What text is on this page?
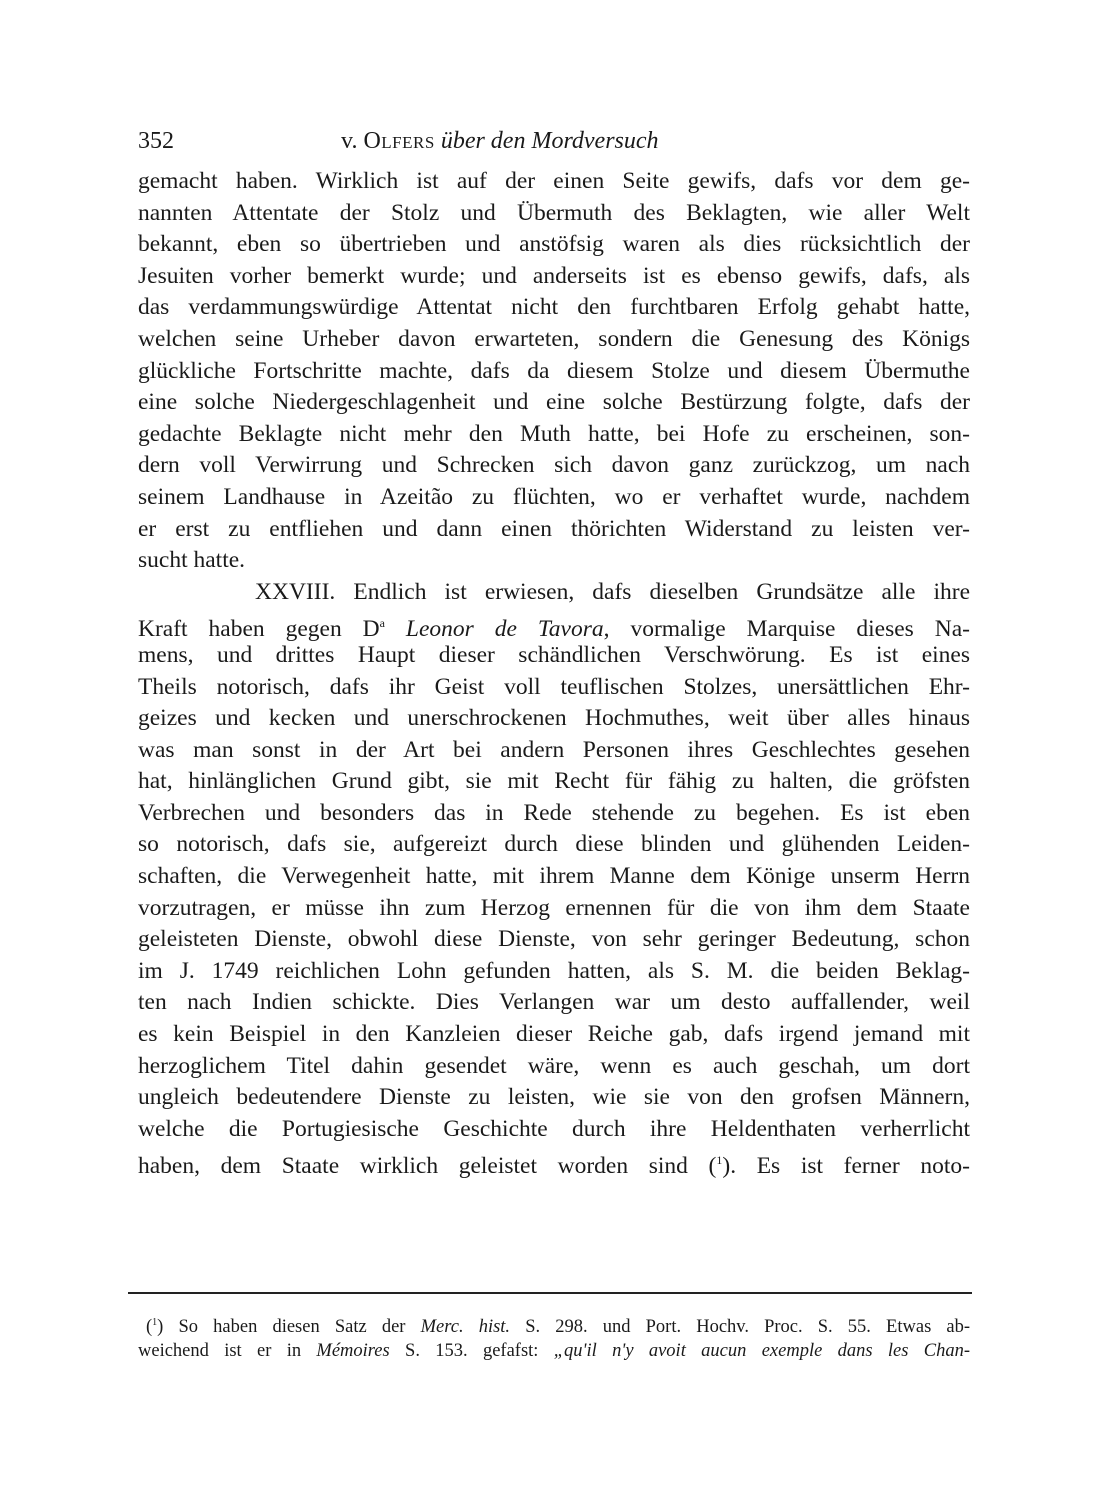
352	v. Olfers über den Mordversuch
gemacht haben. Wirklich ist auf der einen Seite gewifs, dafs vor dem ge-
nannten Attentate der Stolz und Übermuth des Beklagten, wie aller Welt
bekannt, eben so übertrieben und anstöfsig waren als dies rücksichtlich der
Jesuiten vorher bemerkt wurde; und anderseits ist es ebenso gewifs, dafs, als
das verdammungswürdige Attentat nicht den furchtbaren Erfolg gehabt hatte,
welchen seine Urheber davon erwarteten, sondern die Genesung des Königs
glückliche Fortschritte machte, dafs da diesem Stolze und diesem Übermuthe
eine solche Niedergeschlagenheit und eine solche Bestürzung folgte, dafs der
gedachte Beklagte nicht mehr den Muth hatte, bei Hofe zu erscheinen, son-
dern voll Verwirrung und Schrecken sich davon ganz zurückzog, um nach
seinem Landhause in Azeitão zu flüchten, wo er verhaftet wurde, nachdem
er erst zu entfliehen und dann einen thörichten Widerstand zu leisten ver-
sucht hatte.
XXVIII. Endlich ist erwiesen, dafs dieselben Grundsätze alle ihre
Kraft haben gegen $D^a$ Leonor de Tavora, vormalige Marquise dieses Na-
mens, und drittes Haupt dieser schändlichen Verschwörung. Es ist eines
Theils notorisch, dafs ihr Geist voll teuflischen Stolzes, unersättlichen Ehr-
geizes und kecken und unerschrockenen Hochmuthes, weit über alles hinaus
was man sonst in der Art bei andern Personen ihres Geschlechtes gesehen
hat, hinlänglichen Grund gibt, sie mit Recht für fähig zu halten, die gröfsten
Verbrechen und besonders das in Rede stehende zu begehen. Es ist eben
so notorisch, dafs sie, aufgereizt durch diese blinden und glühenden Leiden-
schaften, die Verwegenheit hatte, mit ihrem Manne dem Könige unserm Herrn
vorzutragen, er müsse ihn zum Herzog ernennen für die von ihm dem Staate
geleisteten Dienste, obwohl diese Dienste, von sehr geringer Bedeutung, schon
im J. 1749 reichlichen Lohn gefunden hatten, als S. M. die beiden Beklag-
ten nach Indien schickte. Dies Verlangen war um desto auffallender, weil
es kein Beispiel in den Kanzleien dieser Reiche gab, dafs irgend jemand mit
herzoglichem Titel dahin gesendet wäre, wenn es auch geschah, um dort
ungleich bedeutendere Dienste zu leisten, wie sie von den grofsen Männern,
welche die Portugiesische Geschichte durch ihre Heldenthaten verherrlicht
haben, dem Staate wirklich geleistet worden sind ($^1$). Es ist ferner noto-
($^1$) So haben diesen Satz der Merc. hist. S. 298. und Port. Hochv. Proc. S. 55. Etwas ab-
weichend ist er in Mémoires S. 153. gefafst: „qu'il n'y avoit aucun exemple dans les Chan-
